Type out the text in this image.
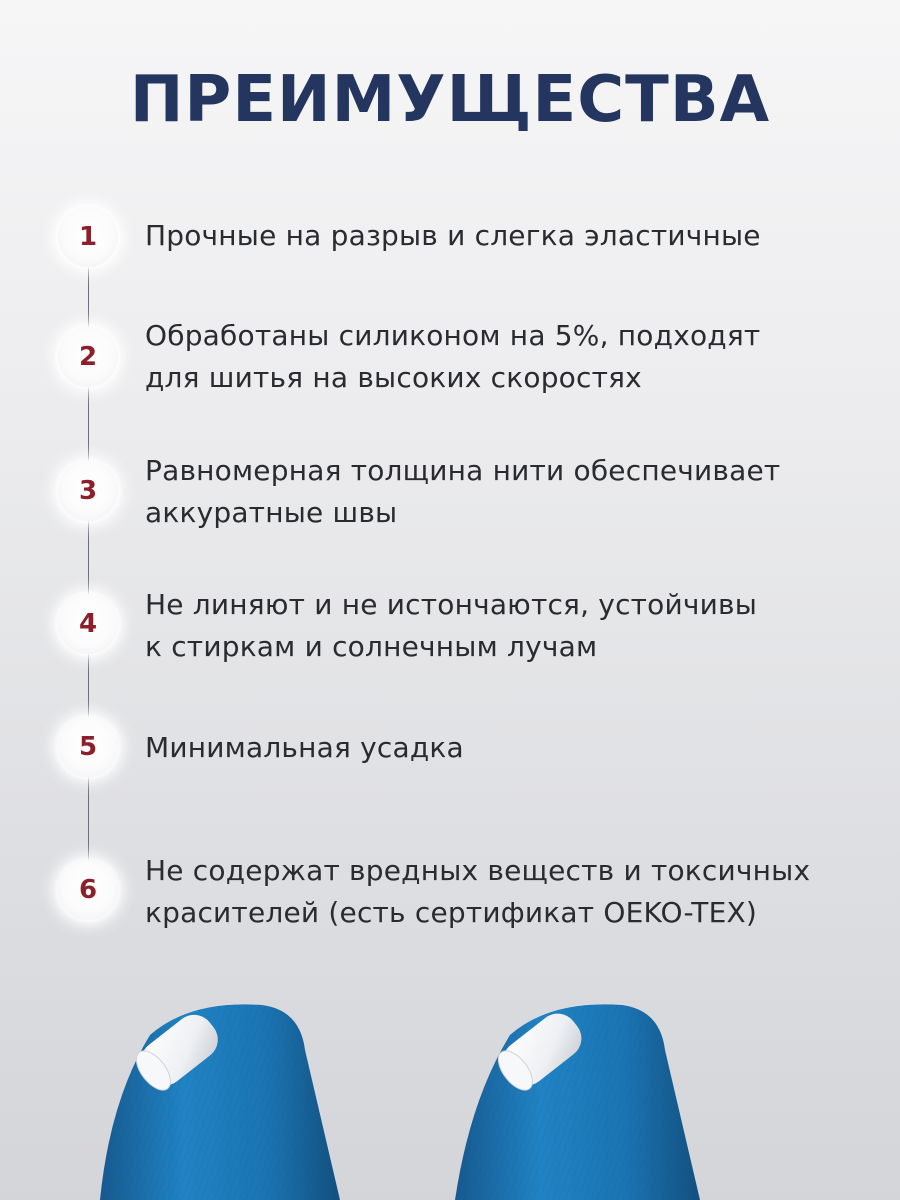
ПРЕИМУЩЕСТВА
1 Прочные на разрыв и слегка эластичные
2
Обработаны силиконом на 5%, подходят
для шитья на высоких скоростях
3
Равномерная толщина нити обеспечивает
аккуратные швы
4
Не линяют и не истончаются, устойчивы
к стиркам и солнечным лучам
5 Минимальная усадка
6
Не содержат вредных веществ и токсичных
красителей (есть сертификат OEKO-TEX)
